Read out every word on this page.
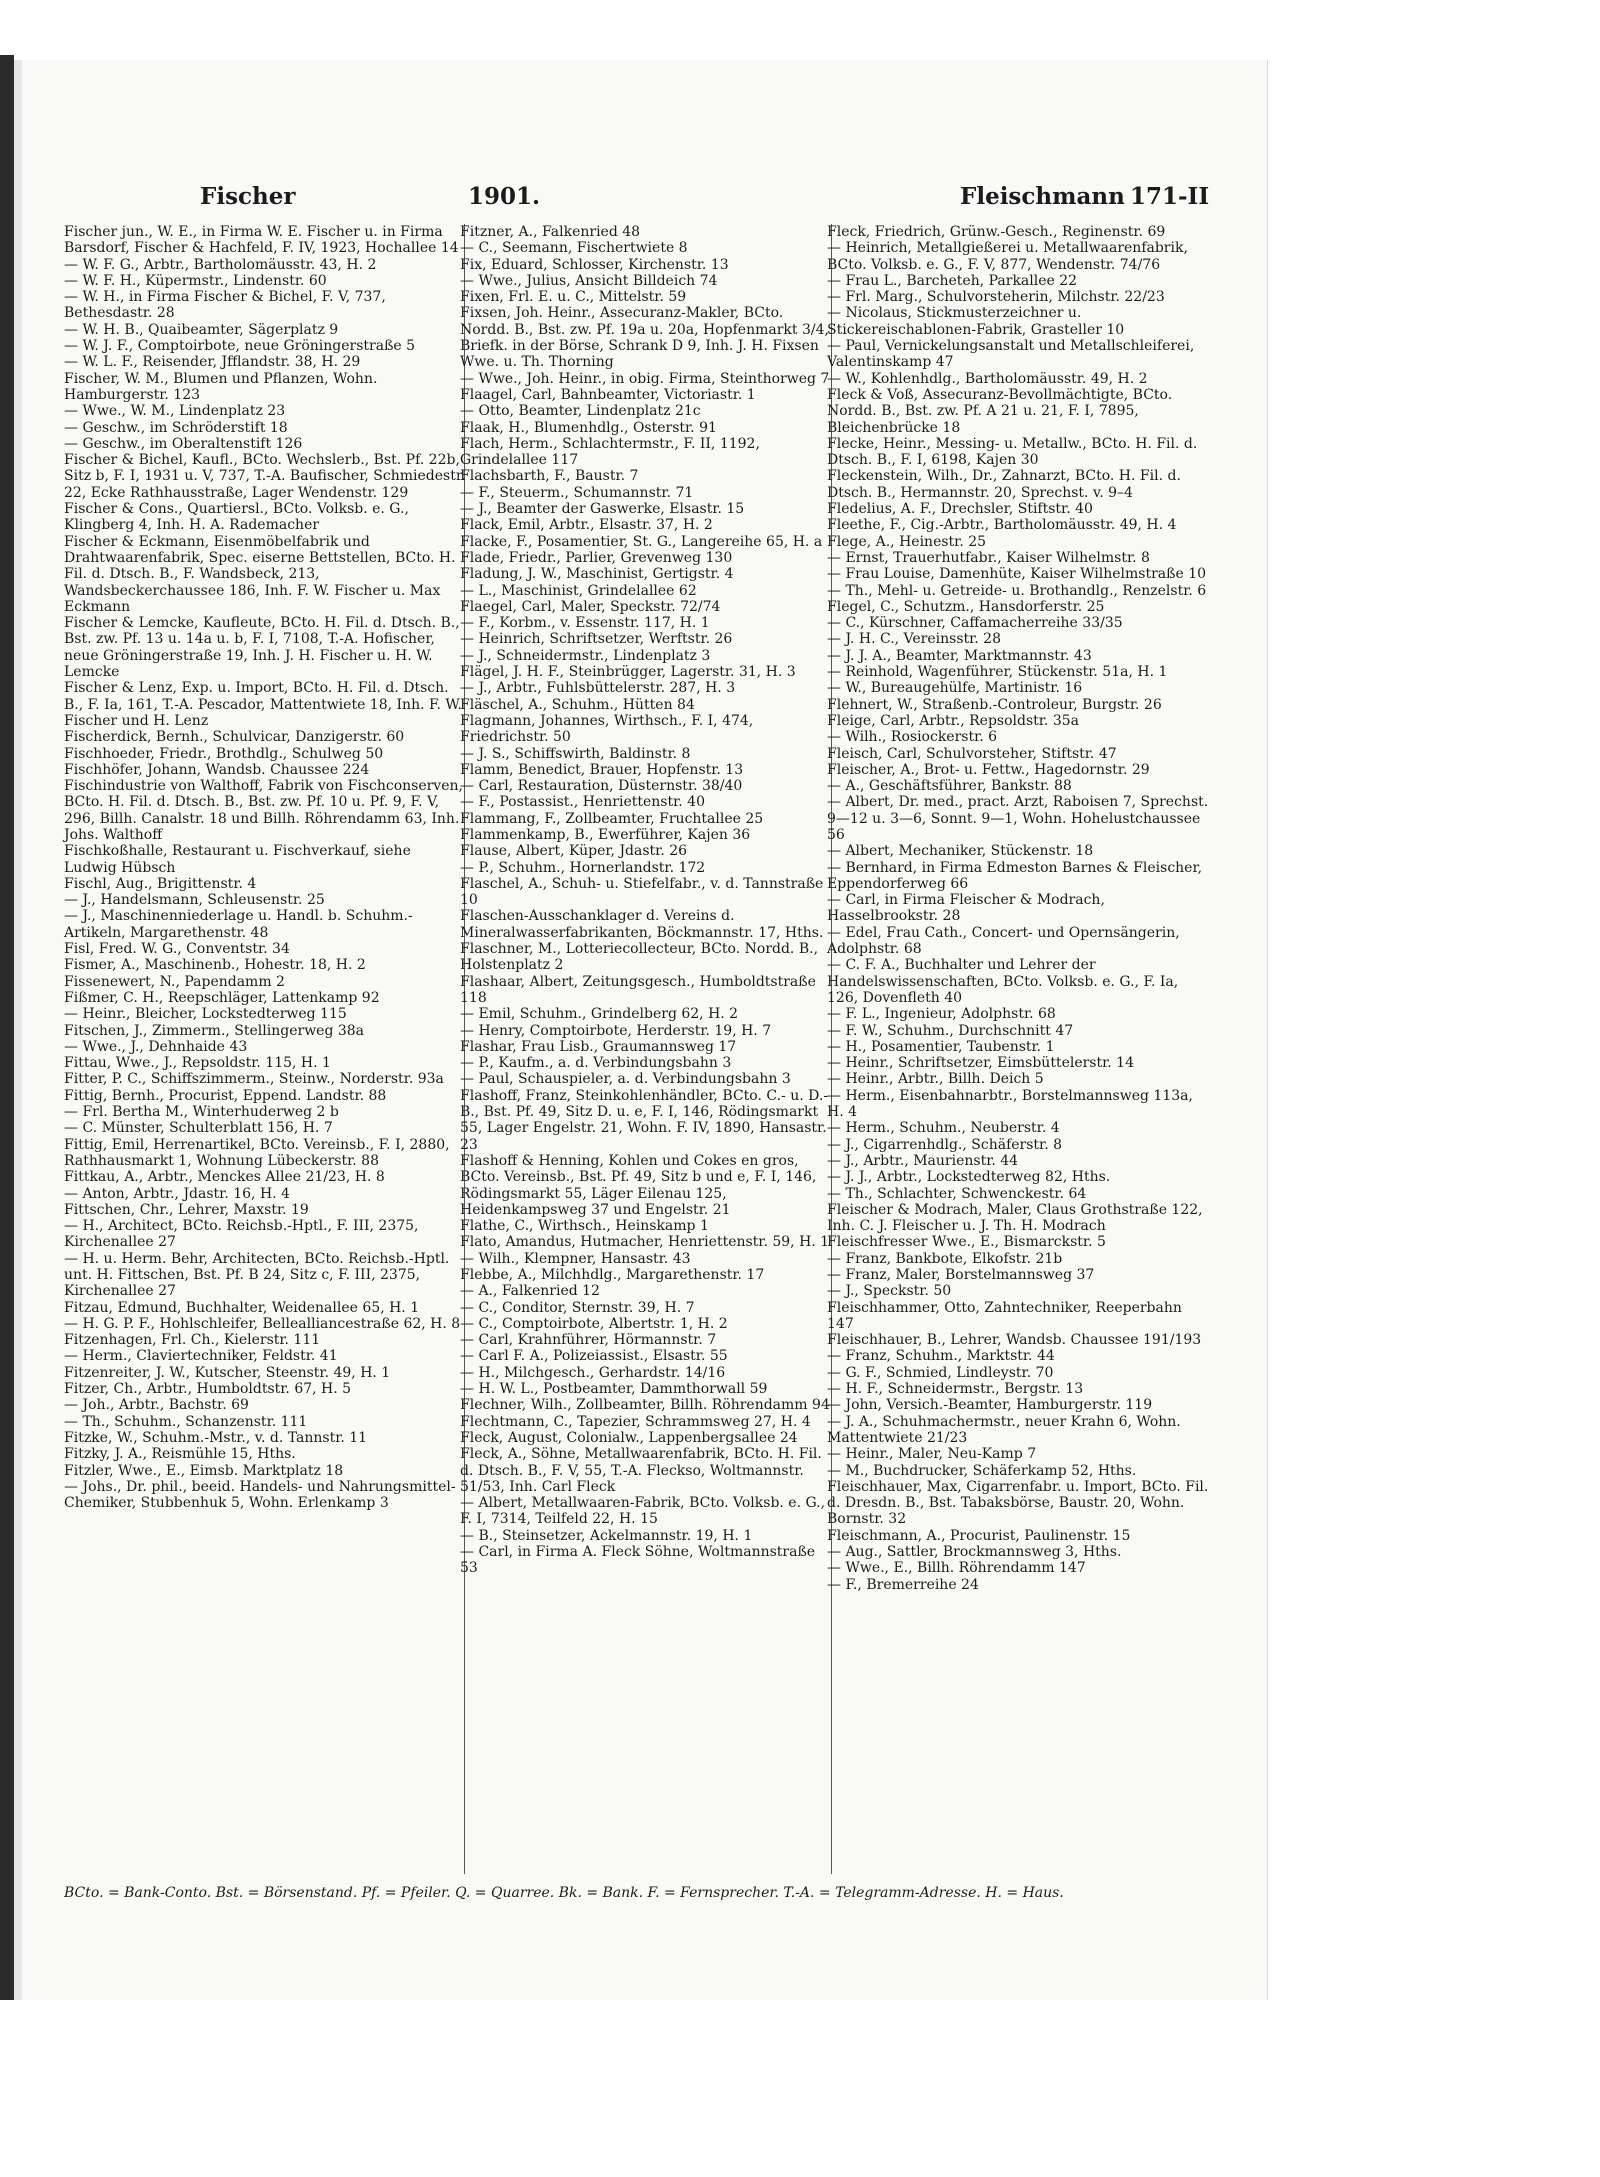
Fischer	1901.	Fleischmann 171-II

Fischer jun., W. E., in Firma W. E. Fischer u. in Firma Barsdorf, Fischer & Hachfeld, F. IV, 1923, Hochallee 14

— W. F. G., Arbtr., Bartholomäusstr. 43, H. 2

— W. F. H., Küpermstr., Lindenstr. 60

— W. H., in Firma Fischer & Bichel, F. V, 737, Bethesdastr. 28

— W. H. B., Quaibeamter, Sägerplatz 9

— W. J. F., Comptoirbote, neue Gröningerstraße 5

— W. L. F., Reisender, Jfflandstr. 38, H. 29

Fischer, W. M., Blumen und Pflanzen, Wohn. Hamburgerstr. 123

— Wwe., W. M., Lindenplatz 23

— Geschw., im Schröderstift 18

— Geschw., im Oberaltenstift 126

Fischer & Bichel, Kaufl., BCto. Wechslerb., Bst. Pf. 22b, Sitz b, F. I, 1931 u. V, 737, T.-A. Baufischer, Schmiedestr. 22, Ecke Rathhausstraße, Lager Wendenstr. 129

Fischer & Cons., Quartiersl., BCto. Volksb. e. G., Klingberg 4, Inh. H. A. Rademacher

Fischer & Eckmann, Eisenmöbelfabrik und Drahtwaarenfabrik, Spec. eiserne Bettstellen, BCto. H. Fil. d. Dtsch. B., F. Wandsbeck, 213, Wandsbeckerchaussee 186, Inh. F. W. Fischer u. Max Eckmann

Fischer & Lemcke, Kaufleute, BCto. H. Fil. d. Dtsch. B., Bst. zw. Pf. 13 u. 14a u. b, F. I, 7108, T.-A. Hofischer, neue Gröningerstraße 19, Inh. J. H. Fischer u. H. W. Lemcke

Fischer & Lenz, Exp. u. Import, BCto. H. Fil. d. Dtsch. B., F. Ia, 161, T.-A. Pescador, Mattentwiete 18, Inh. F. W. Fischer und H. Lenz

Fischerdick, Bernh., Schulvicar, Danzigerstr. 60

Fischhoeder, Friedr., Brothdlg., Schulweg 50

Fischhöfer, Johann, Wandsb. Chaussee 224

Fischindustrie von Walthoff, Fabrik von Fischconserven, BCto. H. Fil. d. Dtsch. B., Bst. zw. Pf. 10 u. Pf. 9, F. V, 296, Billh. Canalstr. 18 und Billh. Röhrendamm 63, Inh. Johs. Walthoff

Fischkoßhalle, Restaurant u. Fischverkauf, siehe Ludwig Hübsch

Fischl, Aug., Brigittenstr. 4

— J., Handelsmann, Schleusenstr. 25

— J., Maschinenniederlage u. Handl. b. Schuhm.-Artikeln, Margarethenstr. 48

Fisl, Fred. W. G., Conventstr. 34

Fismer, A., Maschinenb., Hohestr. 18, H. 2

Fissenewert, N., Papendamm 2

Fißmer, C. H., Reepschläger, Lattenkamp 92

— Heinr., Bleicher, Lockstedterweg 115

Fitschen, J., Zimmerm., Stellingerweg 38a

— Wwe., J., Dehnhaide 43

Fittau, Wwe., J., Repsoldstr. 115, H. 1

Fitter, P. C., Schiffszimmerm., Steinw., Norderstr. 93a

Fittig, Bernh., Procurist, Eppend. Landstr. 88

— Frl. Bertha M., Winterhuderweg 2 b

— C. Münster, Schulterblatt 156, H. 7

Fittig, Emil, Herrenartikel, BCto. Vereinsb., F. I, 2880, Rathhausmarkt 1, Wohnung Lübeckerstr. 88

Fittkau, A., Arbtr., Menckes Allee 21/23, H. 8

— Anton, Arbtr., Jdastr. 16, H. 4

Fittschen, Chr., Lehrer, Maxstr. 19

— H., Architect, BCto. Reichsb.-Hptl., F. III, 2375, Kirchenallee 27

— H. u. Herm. Behr, Architecten, BCto. Reichsb.-Hptl. unt. H. Fittschen, Bst. Pf. B 24, Sitz c, F. III, 2375, Kirchenallee 27

Fitzau, Edmund, Buchhalter, Weidenallee 65, H. 1

— H. G. P. F., Hohlschleifer, Bellealliancestraße 62, H. 8

Fitzenhagen, Frl. Ch., Kielerstr. 111

— Herm., Claviertechniker, Feldstr. 41

Fitzenreiter, J. W., Kutscher, Steenstr. 49, H. 1

Fitzer, Ch., Arbtr., Humboldtstr. 67, H. 5

— Joh., Arbtr., Bachstr. 69

— Th., Schuhm., Schanzenstr. 111

Fitzke, W., Schuhm.-Mstr., v. d. Tannstr. 11

Fitzky, J. A., Reismühle 15, Hths.

Fitzler, Wwe., E., Eimsb. Marktplatz 18

— Johs., Dr. phil., beeid. Handels- und Nahrungsmittel-Chemiker, Stubbenhuk 5, Wohn. Erlenkamp 3

Fitzner, A., Falkenried 48

— C., Seemann, Fischertwiete 8

Fix, Eduard, Schlosser, Kirchenstr. 13

— Wwe., Julius, Ansicht Billdeich 74

Fixen, Frl. E. u. C., Mittelstr. 59

Fixsen, Joh. Heinr., Assecuranz-Makler, BCto. Nordd. B., Bst. zw. Pf. 19a u. 20a, Hopfenmarkt 3/4, Briefk. in der Börse, Schrank D 9, Inh. J. H. Fixsen Wwe. u. Th. Thorning

— Wwe., Joh. Heinr., in obig. Firma, Steinthorweg 7

Flaagel, Carl, Bahnbeamter, Victoriastr. 1

— Otto, Beamter, Lindenplatz 21c

Flaak, H., Blumenhdlg., Osterstr. 91

Flach, Herm., Schlachtermstr., F. II, 1192, Grindelallee 117

Flachsbarth, F., Baustr. 7

— F., Steuerm., Schumannstr. 71

— J., Beamter der Gaswerke, Elsastr. 15

Flack, Emil, Arbtr., Elsastr. 37, H. 2

Flacke, F., Posamentier, St. G., Langereihe 65, H. a

Flade, Friedr., Parlier, Grevenweg 130

Fladung, J. W., Maschinist, Gertigstr. 4

— L., Maschinist, Grindelallee 62

Flaegel, Carl, Maler, Speckstr. 72/74

— F., Korbm., v. Essenstr. 117, H. 1

— Heinrich, Schriftsetzer, Werftstr. 26

— J., Schneidermstr., Lindenplatz 3

Flägel, J. H. F., Steinbrügger, Lagerstr. 31, H. 3

— J., Arbtr., Fuhlsbüttelerstr. 287, H. 3

Fläschel, A., Schuhm., Hütten 84

Flagmann, Johannes, Wirthsch., F. I, 474, Friedrichstr. 50

— J. S., Schiffswirth, Baldinstr. 8

Flamm, Benedict, Brauer, Hopfenstr. 13

— Carl, Restauration, Düsternstr. 38/40

— F., Postassist., Henriettenstr. 40

Flammang, F., Zollbeamter, Fruchtallee 25

Flammenkamp, B., Ewerführer, Kajen 36

Flause, Albert, Küper, Jdastr. 26

— P., Schuhm., Hornerlandstr. 172

Flaschel, A., Schuh- u. Stiefelfabr., v. d. Tannstraße 10

Flaschen-Ausschanklager d. Vereins d. Mineralwasserfabrikanten, Böckmannstr. 17, Hths.

Flaschner, M., Lotteriecollecteur, BCto. Nordd. B., Holstenplatz 2

Flashaar, Albert, Zeitungsgesch., Humboldtstraße 118

— Emil, Schuhm., Grindelberg 62, H. 2

— Henry, Comptoirbote, Herderstr. 19, H. 7

Flashar, Frau Lisb., Graumannsweg 17

— P., Kaufm., a. d. Verbindungsbahn 3

— Paul, Schauspieler, a. d. Verbindungsbahn 3

Flashoff, Franz, Steinkohlenhändler, BCto. C.- u. D.-B., Bst. Pf. 49, Sitz D. u. e, F. I, 146, Rödingsmarkt 55, Lager Engelstr. 21, Wohn. F. IV, 1890, Hansastr. 23

Flashoff & Henning, Kohlen und Cokes en gros, BCto. Vereinsb., Bst. Pf. 49, Sitz b und e, F. I, 146, Rödingsmarkt 55, Läger Eilenau 125, Heidenkampsweg 37 und Engelstr. 21

Flathe, C., Wirthsch., Heinskamp 1

Flato, Amandus, Hutmacher, Henriettenstr. 59, H. 1

— Wilh., Klempner, Hansastr. 43

Flebbe, A., Milchhdlg., Margarethenstr. 17

— A., Falkenried 12

— C., Conditor, Sternstr. 39, H. 7

— C., Comptoirbote, Albertstr. 1, H. 2

— Carl, Krahnführer, Hörmannstr. 7

— Carl F. A., Polizeiassist., Elsastr. 55

— H., Milchgesch., Gerhardstr. 14/16

— H. W. L., Postbeamter, Dammthorwall 59

Flechner, Wilh., Zollbeamter, Billh. Röhrendamm 94

Flechtmann, C., Tapezier, Schrammsweg 27, H. 4

Fleck, August, Colonialw., Lappenbergsallee 24

Fleck, A., Söhne, Metallwaarenfabrik, BCto. H. Fil. d. Dtsch. B., F. V, 55, T.-A. Fleckso, Woltmannstr. 51/53, Inh. Carl Fleck

— Albert, Metallwaaren-Fabrik, BCto. Volksb. e. G., F. I, 7314, Teilfeld 22, H. 15

— B., Steinsetzer, Ackelmannstr. 19, H. 1

— Carl, in Firma A. Fleck Söhne, Woltmannstraße 53

Fleck, Friedrich, Grünw.-Gesch., Reginenstr. 69

— Heinrich, Metallgießerei u. Metallwaarenfabrik, BCto. Volksb. e. G., F. V, 877, Wendenstr. 74/76

— Frau L., Barcheteh, Parkallee 22

— Frl. Marg., Schulvorsteherin, Milchstr. 22/23

— Nicolaus, Stickmusterzeichner u. Stickereischablonen-Fabrik, Grasteller 10

— Paul, Vernickelungsanstalt und Metallschleiferei, Valentinskamp 47

— W., Kohlenhdlg., Bartholomäusstr. 49, H. 2

Fleck & Voß, Assecuranz-Bevollmächtigte, BCto. Nordd. B., Bst. zw. Pf. A 21 u. 21, F. I, 7895, Bleichenbrücke 18

Flecke, Heinr., Messing- u. Metallw., BCto. H. Fil. d. Dtsch. B., F. I, 6198, Kajen 30

Fleckenstein, Wilh., Dr., Zahnarzt, BCto. H. Fil. d. Dtsch. B., Hermannstr. 20, Sprechst. v. 9–4

Fledelius, A. F., Drechsler, Stiftstr. 40

Fleethe, F., Cig.-Arbtr., Bartholomäusstr. 49, H. 4

Flege, A., Heinestr. 25

— Ernst, Trauerhutfabr., Kaiser Wilhelmstr. 8

— Frau Louise, Damenhüte, Kaiser Wilhelmstraße 10

— Th., Mehl- u. Getreide- u. Brothandlg., Renzelstr. 6

Flegel, C., Schutzm., Hansdorferstr. 25

— C., Kürschner, Caffamacherreihe 33/35

— J. H. C., Vereinsstr. 28

— J. J. A., Beamter, Marktmannstr. 43

— Reinhold, Wagenführer, Stückenstr. 51a, H. 1

— W., Bureaugehülfe, Martinistr. 16

Flehnert, W., Straßenb.-Controleur, Burgstr. 26

Fleige, Carl, Arbtr., Repsoldstr. 35a

— Wilh., Rosiockerstr. 6

Fleisch, Carl, Schulvorsteher, Stiftstr. 47

Fleischer, A., Brot- u. Fettw., Hagedornstr. 29

— A., Geschäftsführer, Bankstr. 88

— Albert, Dr. med., pract. Arzt, Raboisen 7, Sprechst. 9—12 u. 3—6, Sonnt. 9—1, Wohn. Hohelustchaussee 56

— Albert, Mechaniker, Stückenstr. 18

— Bernhard, in Firma Edmeston Barnes & Fleischer, Eppendorferweg 66

— Carl, in Firma Fleischer & Modrach, Hasselbrookstr. 28

— Edel, Frau Cath., Concert- und Opernsängerin, Adolphstr. 68

— C. F. A., Buchhalter und Lehrer der Handelswissenschaften, BCto. Volksb. e. G., F. Ia, 126, Dovenfleth 40

— F. L., Ingenieur, Adolphstr. 68

— F. W., Schuhm., Durchschnitt 47

— H., Posamentier, Taubenstr. 1

— Heinr., Schriftsetzer, Eimsbüttelerstr. 14

— Heinr., Arbtr., Billh. Deich 5

— Herm., Eisenbahnarbtr., Borstelmannsweg 113a, H. 4

— Herm., Schuhm., Neuberstr. 4

— J., Cigarrenhdlg., Schäferstr. 8

— J., Arbtr., Maurienstr. 44

— J. J., Arbtr., Lockstedterweg 82, Hths.

— Th., Schlachter, Schwenckestr. 64

Fleischer & Modrach, Maler, Claus Grothstraße 122, Inh. C. J. Fleischer u. J. Th. H. Modrach

Fleischfresser Wwe., E., Bismarckstr. 5

— Franz, Bankbote, Elkofstr. 21b

— Franz, Maler, Borstelmannsweg 37

— J., Speckstr. 50

Fleischhammer, Otto, Zahntechniker, Reeperbahn 147

Fleischhauer, B., Lehrer, Wandsb. Chaussee 191/193

— Franz, Schuhm., Marktstr. 44

— G. F., Schmied, Lindleystr. 70

— H. F., Schneidermstr., Bergstr. 13

— John, Versich.-Beamter, Hamburgerstr. 119

— J. A., Schuhmachermstr., neuer Krahn 6, Wohn. Mattentwiete 21/23

— Heinr., Maler, Neu-Kamp 7

— M., Buchdrucker, Schäferkamp 52, Hths.

Fleischhauer, Max, Cigarrenfabr. u. Import, BCto. Fil. d. Dresdn. B., Bst. Tabaksbörse, Baustr. 20, Wohn. Bornstr. 32

Fleischmann, A., Procurist, Paulinenstr. 15

— Aug., Sattler, Brockmannsweg 3, Hths.

— Wwe., E., Billh. Röhrendamm 147

— F., Bremerreihe 24

BCto. = Bank-Conto. Bst. = Börsenstand. Pf. = Pfeiler. Q. = Quarree. Bk. = Bank. F. = Fernsprecher. T.-A. = Telegramm-Adresse. H. = Haus.
